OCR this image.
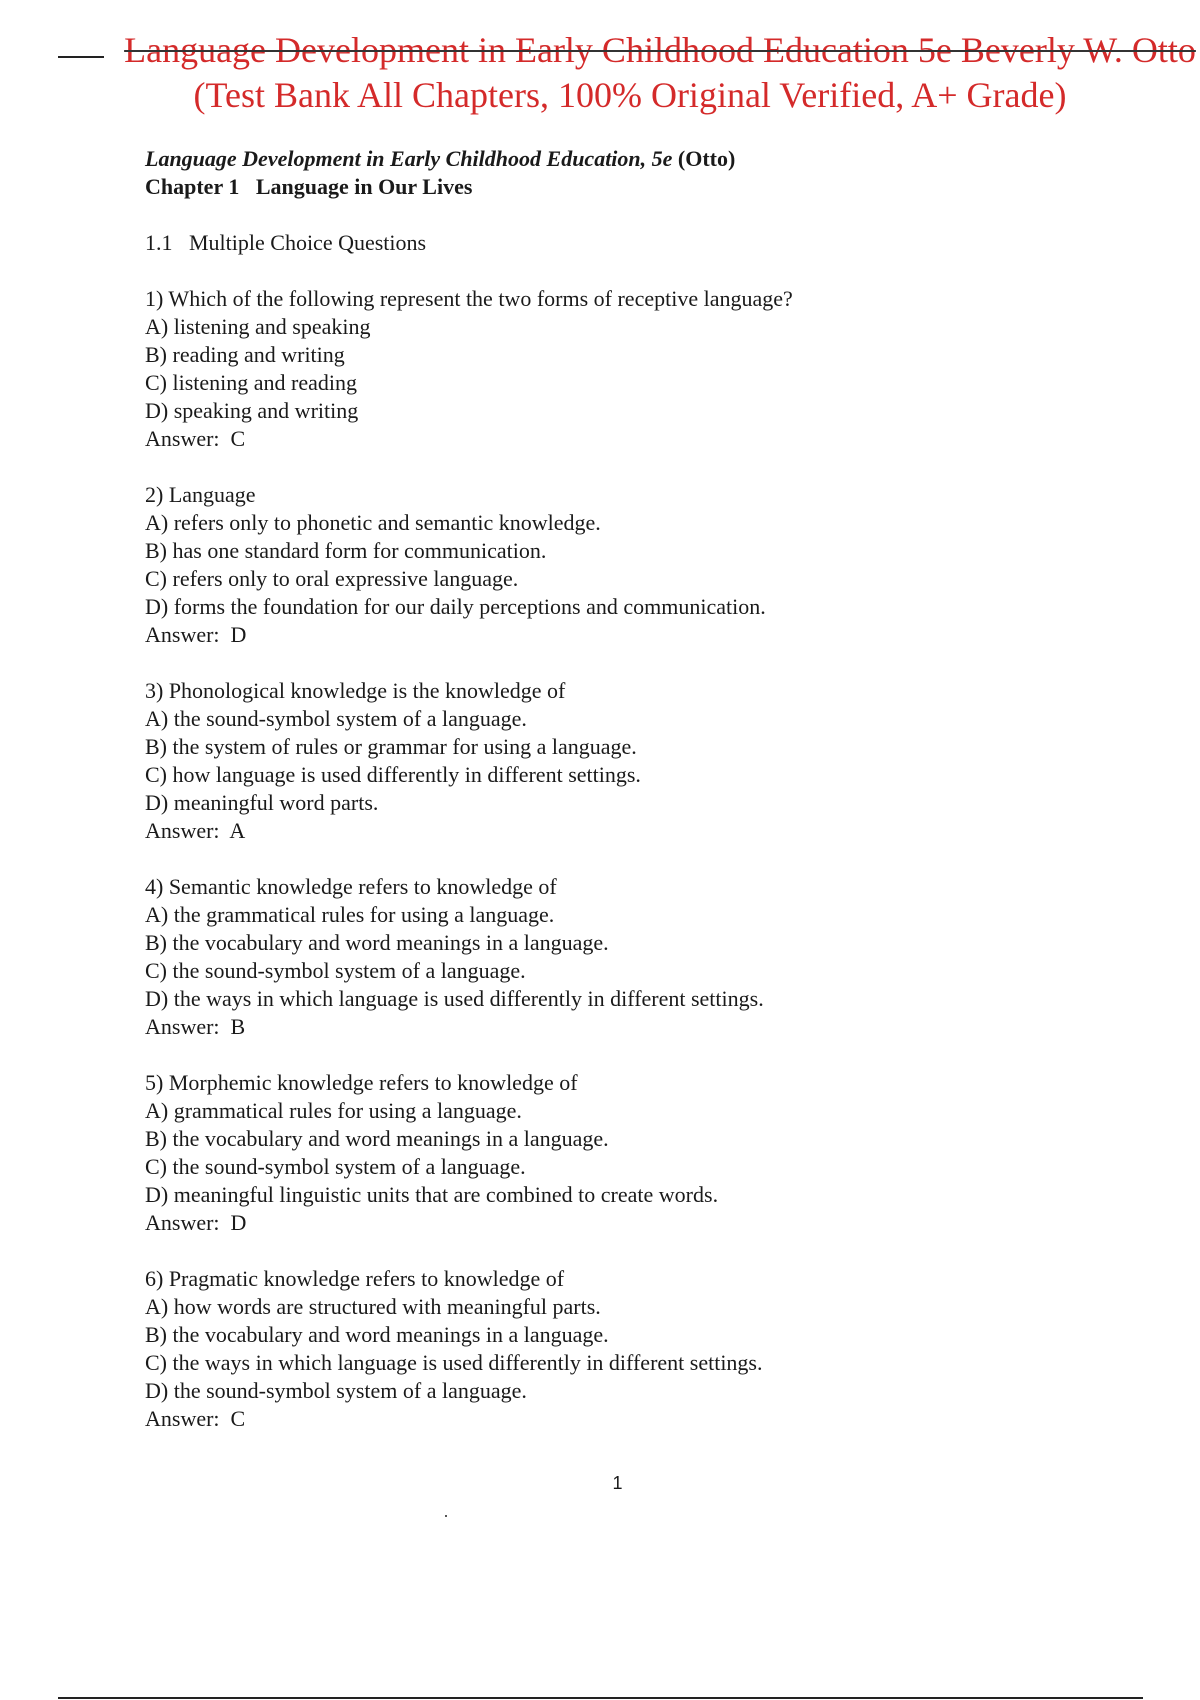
Language Development in Early Childhood Education 5e Beverly W. Otto
(Test Bank All Chapters, 100% Original Verified, A+ Grade)
Language Development in Early Childhood Education, 5e (Otto)
Chapter 1   Language in Our Lives
1.1   Multiple Choice Questions
1) Which of the following represent the two forms of receptive language?
A) listening and speaking
B) reading and writing
C) listening and reading
D) speaking and writing
Answer:  C
2) Language
A) refers only to phonetic and semantic knowledge.
B) has one standard form for communication.
C) refers only to oral expressive language.
D) forms the foundation for our daily perceptions and communication.
Answer:  D
3) Phonological knowledge is the knowledge of
A) the sound-symbol system of a language.
B) the system of rules or grammar for using a language.
C) how language is used differently in different settings.
D) meaningful word parts.
Answer:  A
4) Semantic knowledge refers to knowledge of
A) the grammatical rules for using a language.
B) the vocabulary and word meanings in a language.
C) the sound-symbol system of a language.
D) the ways in which language is used differently in different settings.
Answer:  B
5) Morphemic knowledge refers to knowledge of
A) grammatical rules for using a language.
B) the vocabulary and word meanings in a language.
C) the sound-symbol system of a language.
D) meaningful linguistic units that are combined to create words.
Answer:  D
6) Pragmatic knowledge refers to knowledge of
A) how words are structured with meaningful parts.
B) the vocabulary and word meanings in a language.
C) the ways in which language is used differently in different settings.
D) the sound-symbol system of a language.
Answer:  C
1
